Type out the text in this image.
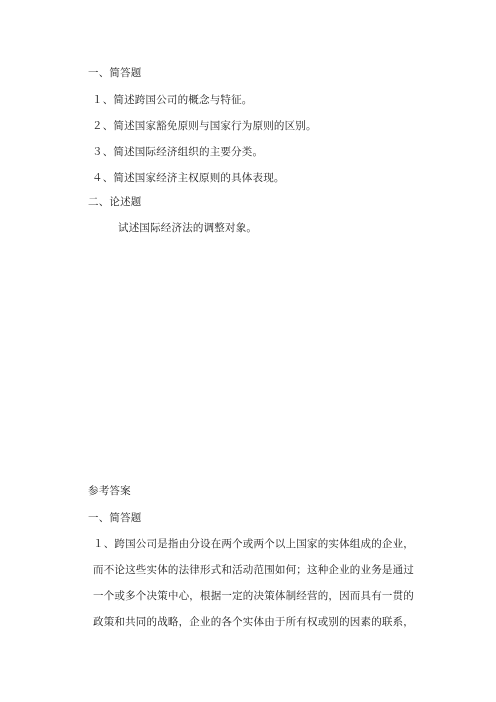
一、简答题
１、简述跨国公司的概念与特征。
２、简述国家豁免原则与国家行为原则的区别。
３、简述国际经济组织的主要分类。
４、简述国家经济主权原则的具体表现。
二、论述题
试述国际经济法的调整对象。
参考答案
一、简答题
１、跨国公司是指由分设在两个或两个以上国家的实体组成的企业，
而不论这些实体的法律形式和活动范围如何；这种企业的业务是通过
一个或多个决策中心，根据一定的决策体制经营的，因而具有一贯的
政策和共同的战略，企业的各个实体由于所有权或别的因素的联系，
